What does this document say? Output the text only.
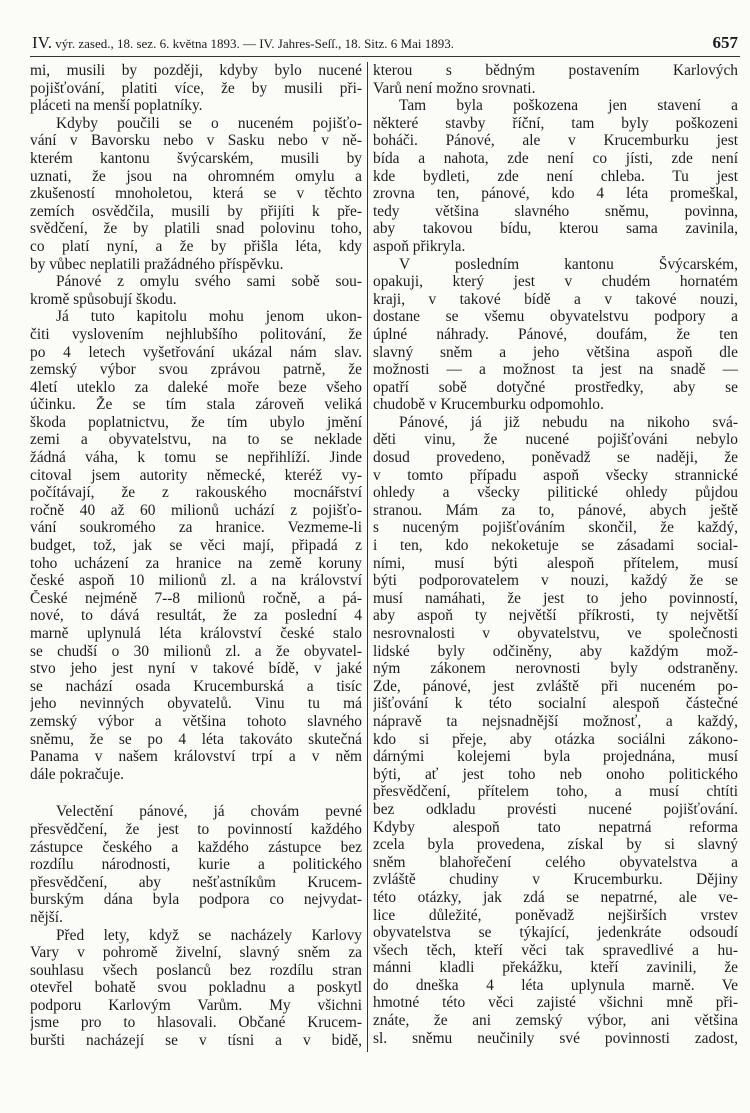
IV. výr. zased., 18. sez. 6. května 1893. — IV. Jahres-Seſſ., 18. Sitz. 6 Mai 1893.	657
mi, musili by později, kdyby bylo nucené
pojišťování, platiti více, že by musili při-
pláceti na menší poplatníky.
Kdyby poučili se o nuceném pojišťo-
vání v Bavorsku nebo v Sasku nebo v ně-
kterém kantonu švýcarském, musili by
uznati, že jsou na ohromném omylu a
zkušeností mnoholetou, která se v těchto
zemích osvědčila, musili by přijíti k pře-
svědčení, že by platili snad polovinu toho,
co platí nyní, a že by přišla léta, kdy
by vůbec neplatili pražádného příspěvku.
Pánové z omylu svého sami sobě sou-
kromě spůsobují škodu.
Já tuto kapitolu mohu jenom ukon-
čiti vyslovením nejhlubšího politování, že
po 4 letech vyšetřování ukázal nám slav.
zemský výbor svou zprávou patrně, že
4letí uteklo za daleké moře beze všeho
účinku. Že se tím stala zároveň veliká
škoda poplatnictvu, že tím ubylo jmění
zemi a obyvatelstvu, na to se neklade
žádná váha, k tomu se nepřihlíží. Jinde
citoval jsem autority německé, kteréž vy-
počítávají, že z rakouského mocnářství
ročně 40 až 60 milionů uchází z pojišťo-
vání soukromého za hranice. Vezmeme-li
budget, tož, jak se věci mají, připadá z
toho ucházení za hranice na země koruny
české aspoň 10 milionů zl. a na království
České nejméně 7--8 milionů ročně, a pá-
nové, to dává resultát, že za poslední 4
marně uplynulá léta království české stalo
se chudší o 30 milionů zl. a že obyvatel-
stvo jeho jest nyní v takové bídě, v jaké
se nachází osada Krucemburská a tisíc
jeho nevinných obyvatelů. Vinu tu má
zemský výbor a většina tohoto slavného
sněmu, že se po 4 léta takováto skutečná
Panama v našem království trpí a v něm
dále pokračuje.
Velectění pánové, já chovám pevné
přesvědčení, že jest to povinností každého
zástupce českého a každého zástupce bez
rozdílu národnosti, kurie a politického
přesvědčení, aby nešťastníkům Krucem-
burským dána byla podpora co nejvydat-
nější.
Před lety, když se nacházely Karlovy
Vary v pohromě živelní, slavný sněm za
souhlasu všech poslanců bez rozdílu stran
otevřel bohatě svou pokladnu a poskytl
podporu Karlovým Varům. My všichni
jsme pro to hlasovali. Občané Krucem-
buršti nacházejí se v tísni a v bidě,
kterou s bědným postavením Karlových
Varů není možno srovnati.
Tam byla poškozena jen stavení a
některé stavby říční, tam byly poškozeni
boháči. Pánové, ale v Krucemburku jest
bída a nahota, zde není co jísti, zde není
kde bydleti, zde není chleba. Tu jest
zrovna ten, pánové, kdo 4 léta promeškal,
tedy většina slavného sněmu, povinna,
aby takovou bídu, kterou sama zavinila,
aspoň přikryla.
V posledním kantonu Švýcarském,
opakuji, který jest v chudém hornatém
kraji, v takové bídě a v takové nouzi,
dostane se všemu obyvatelstvu podpory a
úplné náhrady. Pánové, doufám, že ten
slavný sněm a jeho většina aspoň dle
možnosti — a možnost ta jest na snadě —
opatří sobě dotyčné prostředky, aby se
chudobě v Krucemburku odpomohlo.
Pánové, já již nebudu na nikoho svá-
děti vinu, že nucené pojišťováni nebylo
dosud provedeno, poněvadž se naději, že
v tomto případu aspoň všecky strannické
ohledy a všecky pilitické ohledy půjdou
stranou. Mám za to, pánové, abych ještě
s nuceným pojišťováním skončil, že každý,
i ten, kdo nekoketuje se zásadami social-
ními, musí býti alespoň přítelem, musí
býti podporovatelem v nouzi, každý že se
musí namáhati, že jest to jeho povinností,
aby aspoň ty největší příkrosti, ty největší
nesrovnalosti v obyvatelstvu, ve společnosti
lidské byly odčiněny, aby každým mož-
ným zákonem nerovnosti byly odstraněny.
Zde, pánové, jest zvláště při nuceném po-
jišťování k této socialní alespoň částečné
nápravě ta nejsnadnější možnosť, a každý,
kdo si přeje, aby otázka sociálni zákono-
dárnými kolejemi byla projednána, musí
býti, ať jest toho neb onoho politického
přesvědčení, přítelem toho, a musí chtíti
bez odkladu provésti nucené pojišťování.
Kdyby alespoň tato nepatrná reforma
zcela byla provedena, získal by si slavný
sněm blahořečení celého obyvatelstva a
zvláště chudiny v Krucemburku. Dějiny
této otázky, jak zdá se nepatrné, ale ve-
lice důležité, poněvadž nejširších vrstev
obyvatelstva se týkající, jedenkráte odsoudí
všech těch, kteří věci tak spravedlivé a hu-
mánni kladli překážku, kteří zavinili, že
do dneška 4 léta uplynula marně. Ve
hmotné této věci zajisté všichni mně při-
znáte, že ani zemský výbor, ani většina
sl. sněmu neučinily své povinnosti zadost,
